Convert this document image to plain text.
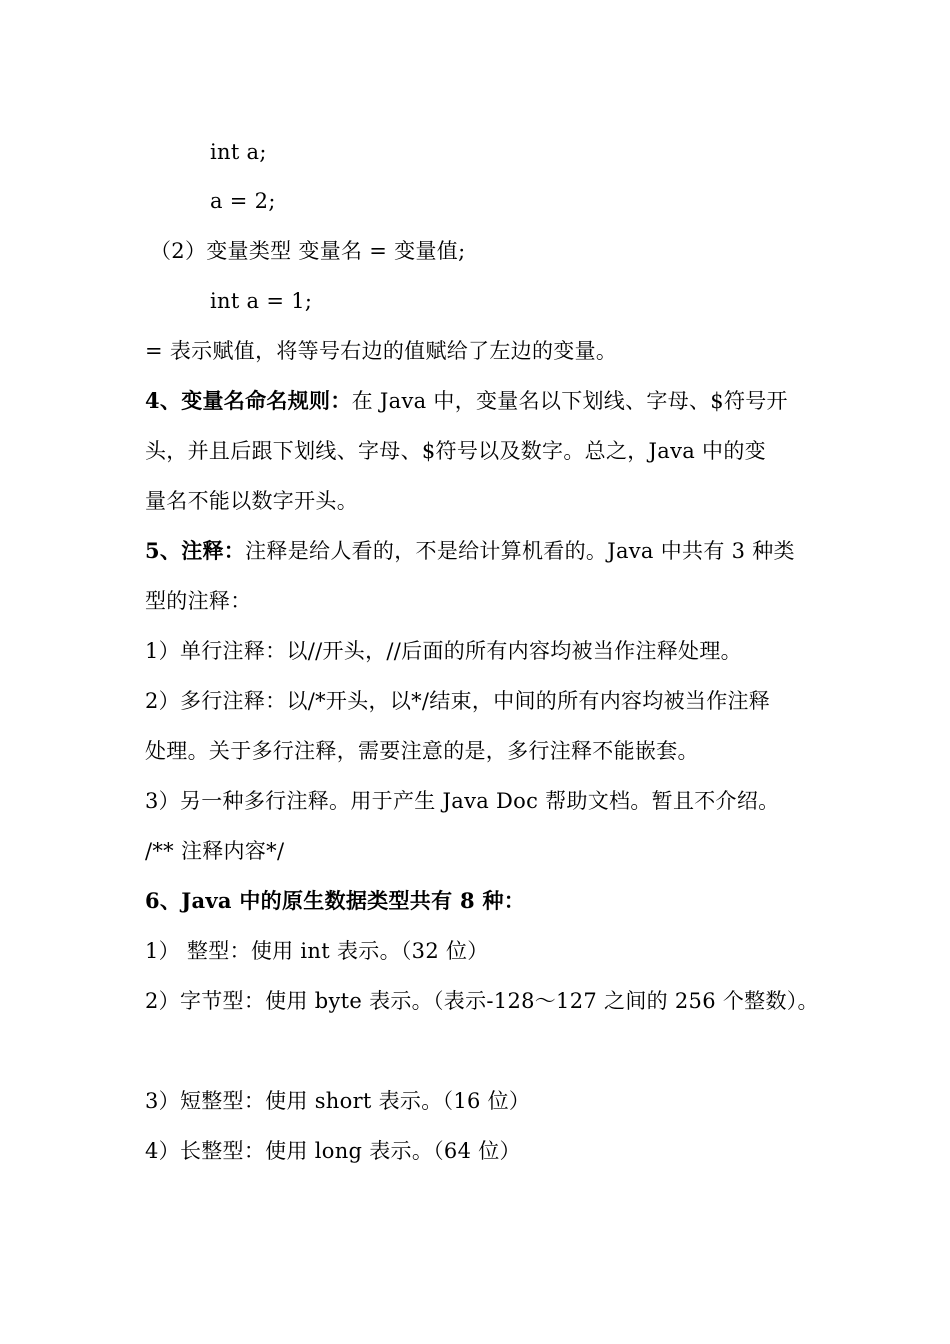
int a;
a = 2;
（2）变量类型 变量名 = 变量值;
int a = 1;
= 表示赋值，将等号右边的值赋给了左边的变量。
4、变量名命名规则：在 Java 中，变量名以下划线、字母、$符号开
头，并且后跟下划线、字母、$符号以及数字。总之，Java 中的变
量名不能以数字开头。
5、注释：注释是给人看的，不是给计算机看的。Java 中共有 3 种类
型的注释：
1）单行注释：以//开头，//后面的所有内容均被当作注释处理。
2）多行注释：以/*开头，以*/结束，中间的所有内容均被当作注释
处理。关于多行注释，需要注意的是，多行注释不能嵌套。
3）另一种多行注释。用于产生 Java Doc 帮助文档。暂且不介绍。
/** 注释内容*/
6、Java 中的原生数据类型共有 8 种：
1） 整型：使用 int 表示。（32 位）
2）字节型：使用 byte 表示。（表示-128～127 之间的 256 个整数）。
3）短整型：使用 short 表示。（16 位）
4）长整型：使用 long 表示。（64 位）
